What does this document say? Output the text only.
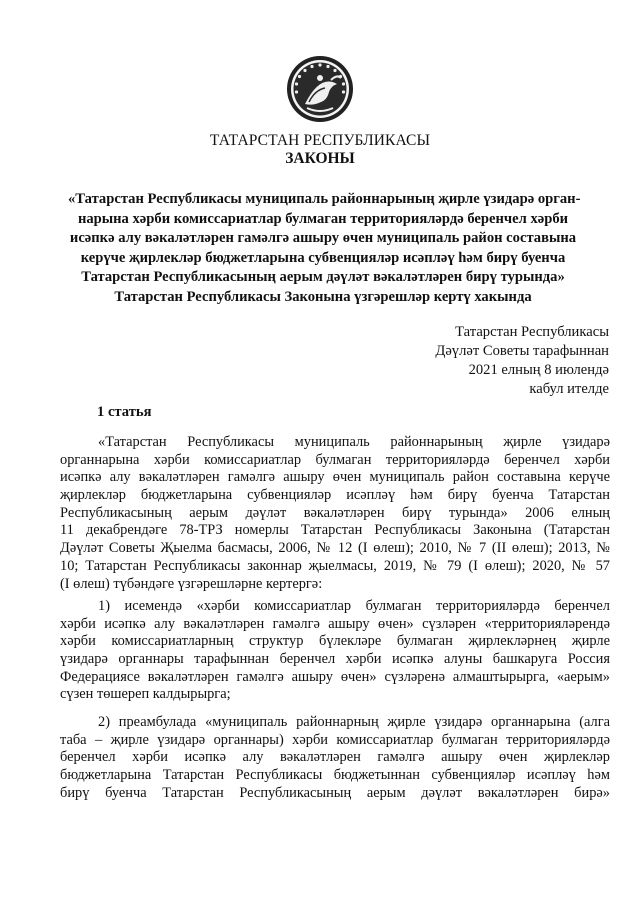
ТАТАРСТАН РЕСПУБЛИКАСЫ
ЗАКОНЫ
«Татарстан Республикасы муниципаль районнарының җирле үзидарә орган-
нарына хәрби комиссариатлар булмаган территорияләрдә беренчел хәрби
исәпкә алу вәкаләтләрен гамәлгә ашыру өчен муниципаль район составына
керүче җирлекләр бюджетларына субвенцияләр исәпләү һәм бирү буенча
Татарстан Республикасының аерым дәүләт вәкаләтләрен бирү турында»
Татарстан Республикасы Законына үзгәрешләр кертү хакында
Татарстан Республикасы
Дәүләт Советы тарафыннан
2021 елның 8 июлендә
кабул ителде
1 статья
«Татарстан Республикасы муниципаль районнарының җирле үзидарә
органнарына хәрби комиссариатлар булмаган территорияләрдә беренчел хәрби
исәпкә алу вәкаләтләрен гамәлгә ашыру өчен муниципаль район составына керүче
җирлекләр бюджетларына субвенцияләр исәпләү һәм бирү буенча Татарстан
Республикасының аерым дәүләт вәкаләтләрен бирү турында» 2006 елның
11 декабрендәге 78-ТРЗ номерлы Татарстан Республикасы Законына (Татарстан
Дәүләт Советы Җыелма басмасы, 2006, № 12 (I өлеш); 2010, № 7 (II өлеш); 2013, №
10; Татарстан Республикасы законнар җыелмасы, 2019, № 79 (I өлеш); 2020, № 57
(I өлеш) түбәндәге үзгәрешләрне кертергә:
1) исемендә «хәрби комиссариатлар булмаган территорияләрдә беренчел
хәрби исәпкә алу вәкаләтләрен гамәлгә ашыру өчен» сүзләрен «территорияләрендә
хәрби комиссариатларның структур бүлекләре булмаган җирлекләрнең җирле
үзидарә органнары тарафыннан беренчел хәрби исәпкә алуны башкаруга Россия
Федерациясе вәкаләтләрен гамәлгә ашыру өчен» сүзләренә алмаштырырга, «аерым»
сүзен төшереп калдырырга;
2) преамбулада «муниципаль районнарның җирле үзидарә органнарына (алга
таба – җирле үзидарә органнары) хәрби комиссариатлар булмаган территорияләрдә
беренчел хәрби исәпкә алу вәкаләтләрен гамәлгә ашыру өчен җирлекләр
бюджетларына Татарстан Республикасы бюджетыннан субвенцияләр исәпләү һәм
бирү буенча Татарстан Республикасының аерым дәүләт вәкаләтләрен бирә»
